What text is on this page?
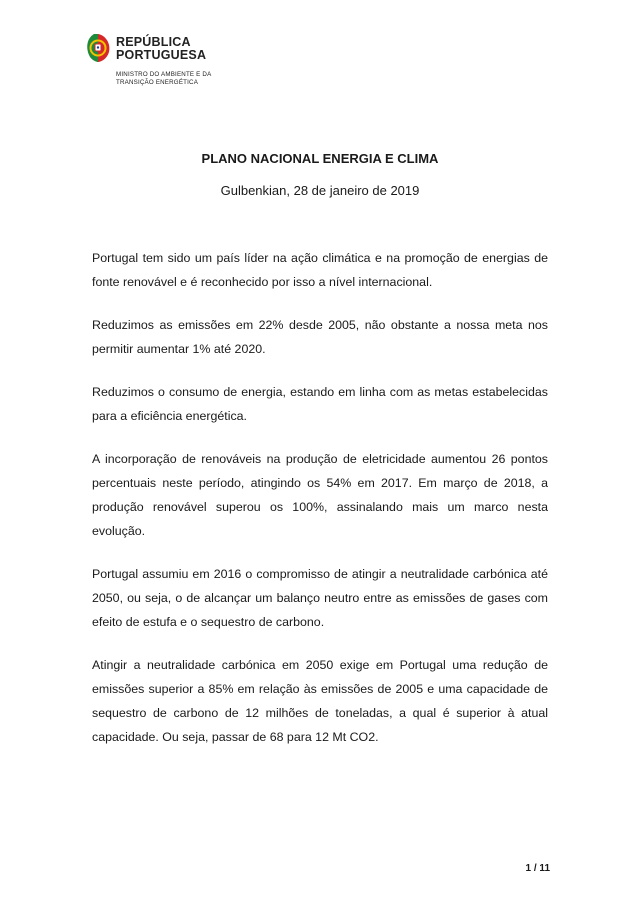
REPÚBLICA
PORTUGUESA
MINISTRO DO AMBIENTE E DA
TRANSIÇÃO ENERGÉTICA
PLANO NACIONAL ENERGIA E CLIMA
Gulbenkian, 28 de janeiro de 2019

Portugal tem sido um país líder na ação climática e na promoção de energias de fonte renovável e é reconhecido por isso a nível internacional.

Reduzimos as emissões em 22% desde 2005, não obstante a nossa meta nos permitir aumentar 1% até 2020.

Reduzimos o consumo de energia, estando em linha com as metas estabelecidas para a eficiência energética.

A incorporação de renováveis na produção de eletricidade aumentou 26 pontos percentuais neste período, atingindo os 54% em 2017. Em março de 2018, a produção renovável superou os 100%, assinalando mais um marco nesta evolução.

Portugal assumiu em 2016 o compromisso de atingir a neutralidade carbónica até 2050, ou seja, o de alcançar um balanço neutro entre as emissões de gases com efeito de estufa e o sequestro de carbono.

Atingir a neutralidade carbónica em 2050 exige em Portugal uma redução de emissões superior a 85% em relação às emissões de 2005 e uma capacidade de sequestro de carbono de 12 milhões de toneladas, a qual é superior à atual capacidade. Ou seja, passar de 68 para 12 Mt CO2.

1 / 11
